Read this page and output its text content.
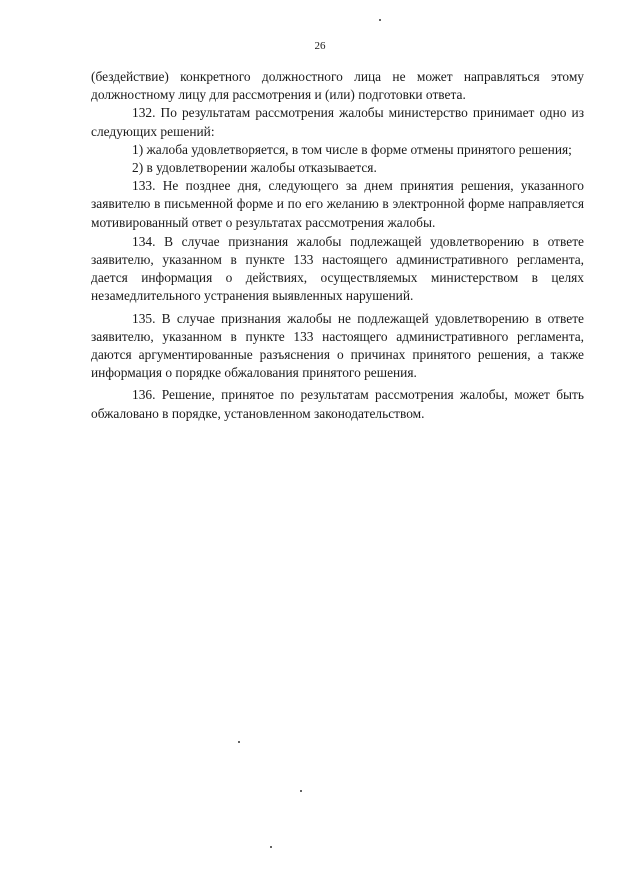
26

(бездействие) конкретного должностного лица не может направляться этому должностному лицу для рассмотрения и (или) подготовки ответа.

132. По результатам рассмотрения жалобы министерство принимает одно из следующих решений:

1) жалоба удовлетворяется, в том числе в форме отмены принятого решения;

2) в удовлетворении жалобы отказывается.

133. Не позднее дня, следующего за днем принятия решения, указанного заявителю в письменной форме и по его желанию в электронной форме направляется мотивированный ответ о результатах рассмотрения жалобы.

134. В случае признания жалобы подлежащей удовлетворению в ответе заявителю, указанном в пункте 133 настоящего административного регламента, дается информация о действиях, осуществляемых министерством в целях незамедлительного устранения выявленных нарушений.

135. В случае признания жалобы не подлежащей удовлетворению в ответе заявителю, указанном в пункте 133 настоящего административного регламента, даются аргументированные разъяснения о причинах принятого решения, а также информация о порядке обжалования принятого решения.

136. Решение, принятое по результатам рассмотрения жалобы, может быть обжаловано в порядке, установленном законодательством.
